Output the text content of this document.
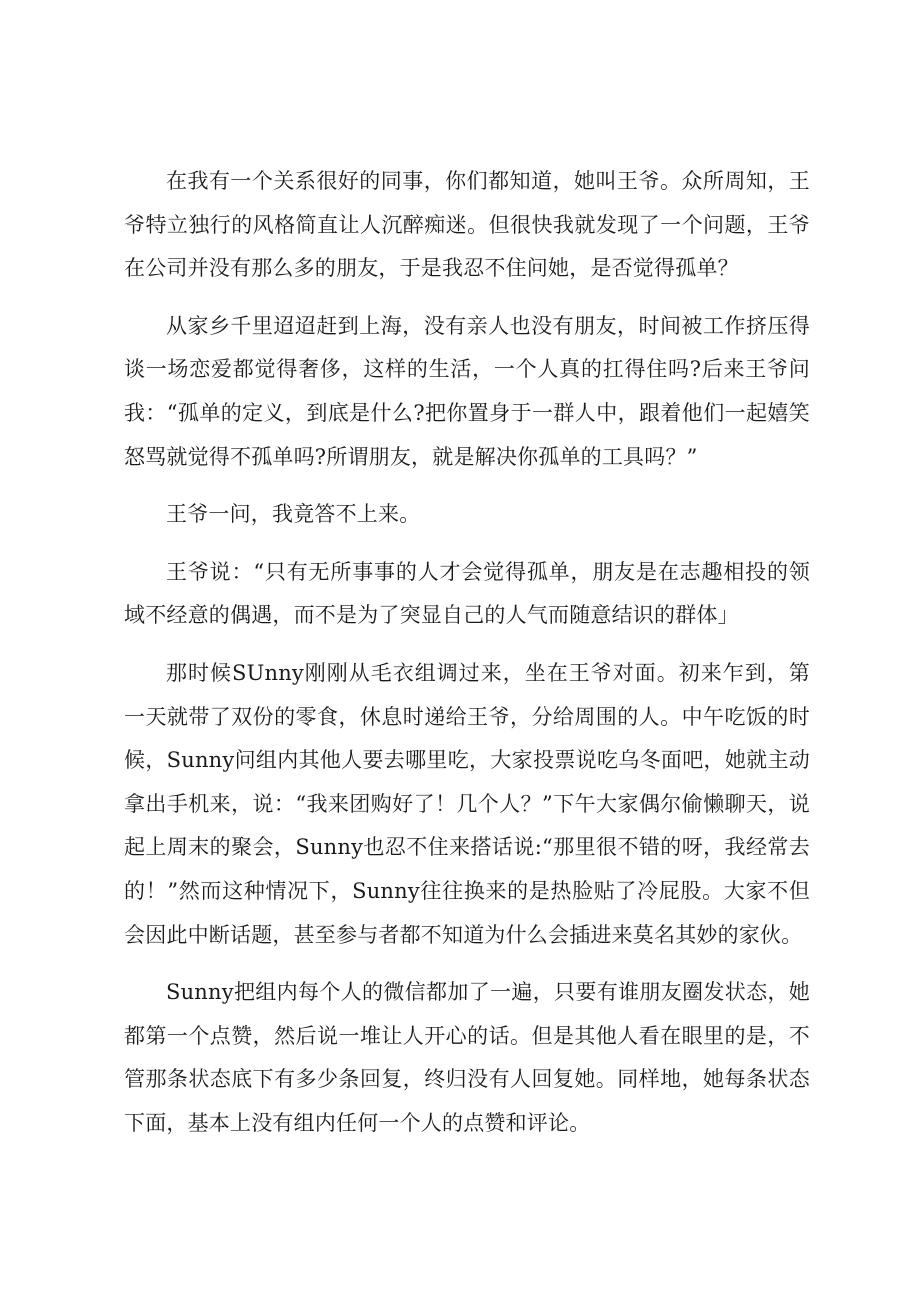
在我有一个关系很好的同事，你们都知道，她叫王爷。众所周知，王爷特立独行的风格简直让人沉醉痴迷。但很快我就发现了一个问题，王爷在公司并没有那么多的朋友，于是我忍不住问她，是否觉得孤单？

从家乡千里迢迢赶到上海，没有亲人也没有朋友，时间被工作挤压得谈一场恋爱都觉得奢侈，这样的生活，一个人真的扛得住吗?后来王爷问我：“孤单的定义，到底是什么?把你置身于一群人中，跟着他们一起嬉笑怒骂就觉得不孤单吗?所谓朋友，就是解决你孤单的工具吗？”

王爷一问，我竟答不上来。

王爷说：“只有无所事事的人才会觉得孤单，朋友是在志趣相投的领域不经意的偶遇，而不是为了突显自己的人气而随意结识的群体」

那时候SUnny刚刚从毛衣组调过来，坐在王爷对面。初来乍到，第一天就带了双份的零食，休息时递给王爷，分给周围的人。中午吃饭的时候，Sunny问组内其他人要去哪里吃，大家投票说吃乌冬面吧，她就主动拿出手机来，说：“我来团购好了！几个人？”下午大家偶尔偷懒聊天，说起上周末的聚会，Sunny也忍不住来搭话说:“那里很不错的呀，我经常去的！”然而这种情况下，Sunny往往换来的是热脸贴了冷屁股。大家不但会因此中断话题，甚至参与者都不知道为什么会插进来莫名其妙的家伙。

Sunny把组内每个人的微信都加了一遍，只要有谁朋友圈发状态，她都第一个点赞，然后说一堆让人开心的话。但是其他人看在眼里的是，不管那条状态底下有多少条回复，终归没有人回复她。同样地，她每条状态下面，基本上没有组内任何一个人的点赞和评论。
